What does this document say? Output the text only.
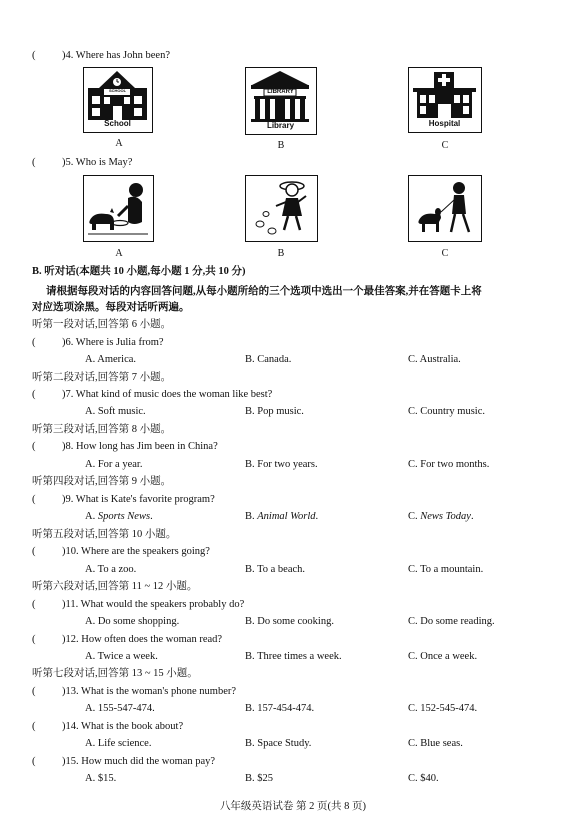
(	)4. Where has John been?
SCHOOL
School
A
LIBRARY
Library
B
Hospital
C
(	)5. Who is May?
A	B	C
B. 听对话(本题共 10 小题,每小题 1 分,共 10 分)
请根据每段对话的内容回答问题,从每小题所给的三个选项中选出一个最佳答案,并在答题卡上将
对应选项涂黑。每段对话听两遍。
听第一段对话,回答第 6 小题。
(	)6. Where is Julia from?
A. America.	B. Canada.	C. Australia.
听第二段对话,回答第 7 小题。
(	)7. What kind of music does the woman like best?
A. Soft music.	B. Pop music.	C. Country music.
听第三段对话,回答第 8 小题。
(	)8. How long has Jim been in China?
A. For a year.	B. For two years.	C. For two months.
听第四段对话,回答第 9 小题。
(	)9. What is Kate's favorite program?
A. Sports News.	B. Animal World.	C. News Today.
听第五段对话,回答第 10 小题。
(	)10. Where are the speakers going?
A. To a zoo.	B. To a beach.	C. To a mountain.
听第六段对话,回答第 11 ~ 12 小题。
(	)11. What would the speakers probably do?
A. Do some shopping.	B. Do some cooking.	C. Do some reading.
(	)12. How often does the woman read?
A. Twice a week.	B. Three times a week.	C. Once a week.
听第七段对话,回答第 13 ~ 15 小题。
(	)13. What is the woman's phone number?
A. 155-547-474.	B. 157-454-474.	C. 152-545-474.
(	)14. What is the book about?
A. Life science.	B. Space Study.	C. Blue seas.
(	)15. How much did the woman pay?
A. $15.	B. $25	C. $40.
八年级英语试卷 第 2 页(共 8 页)
